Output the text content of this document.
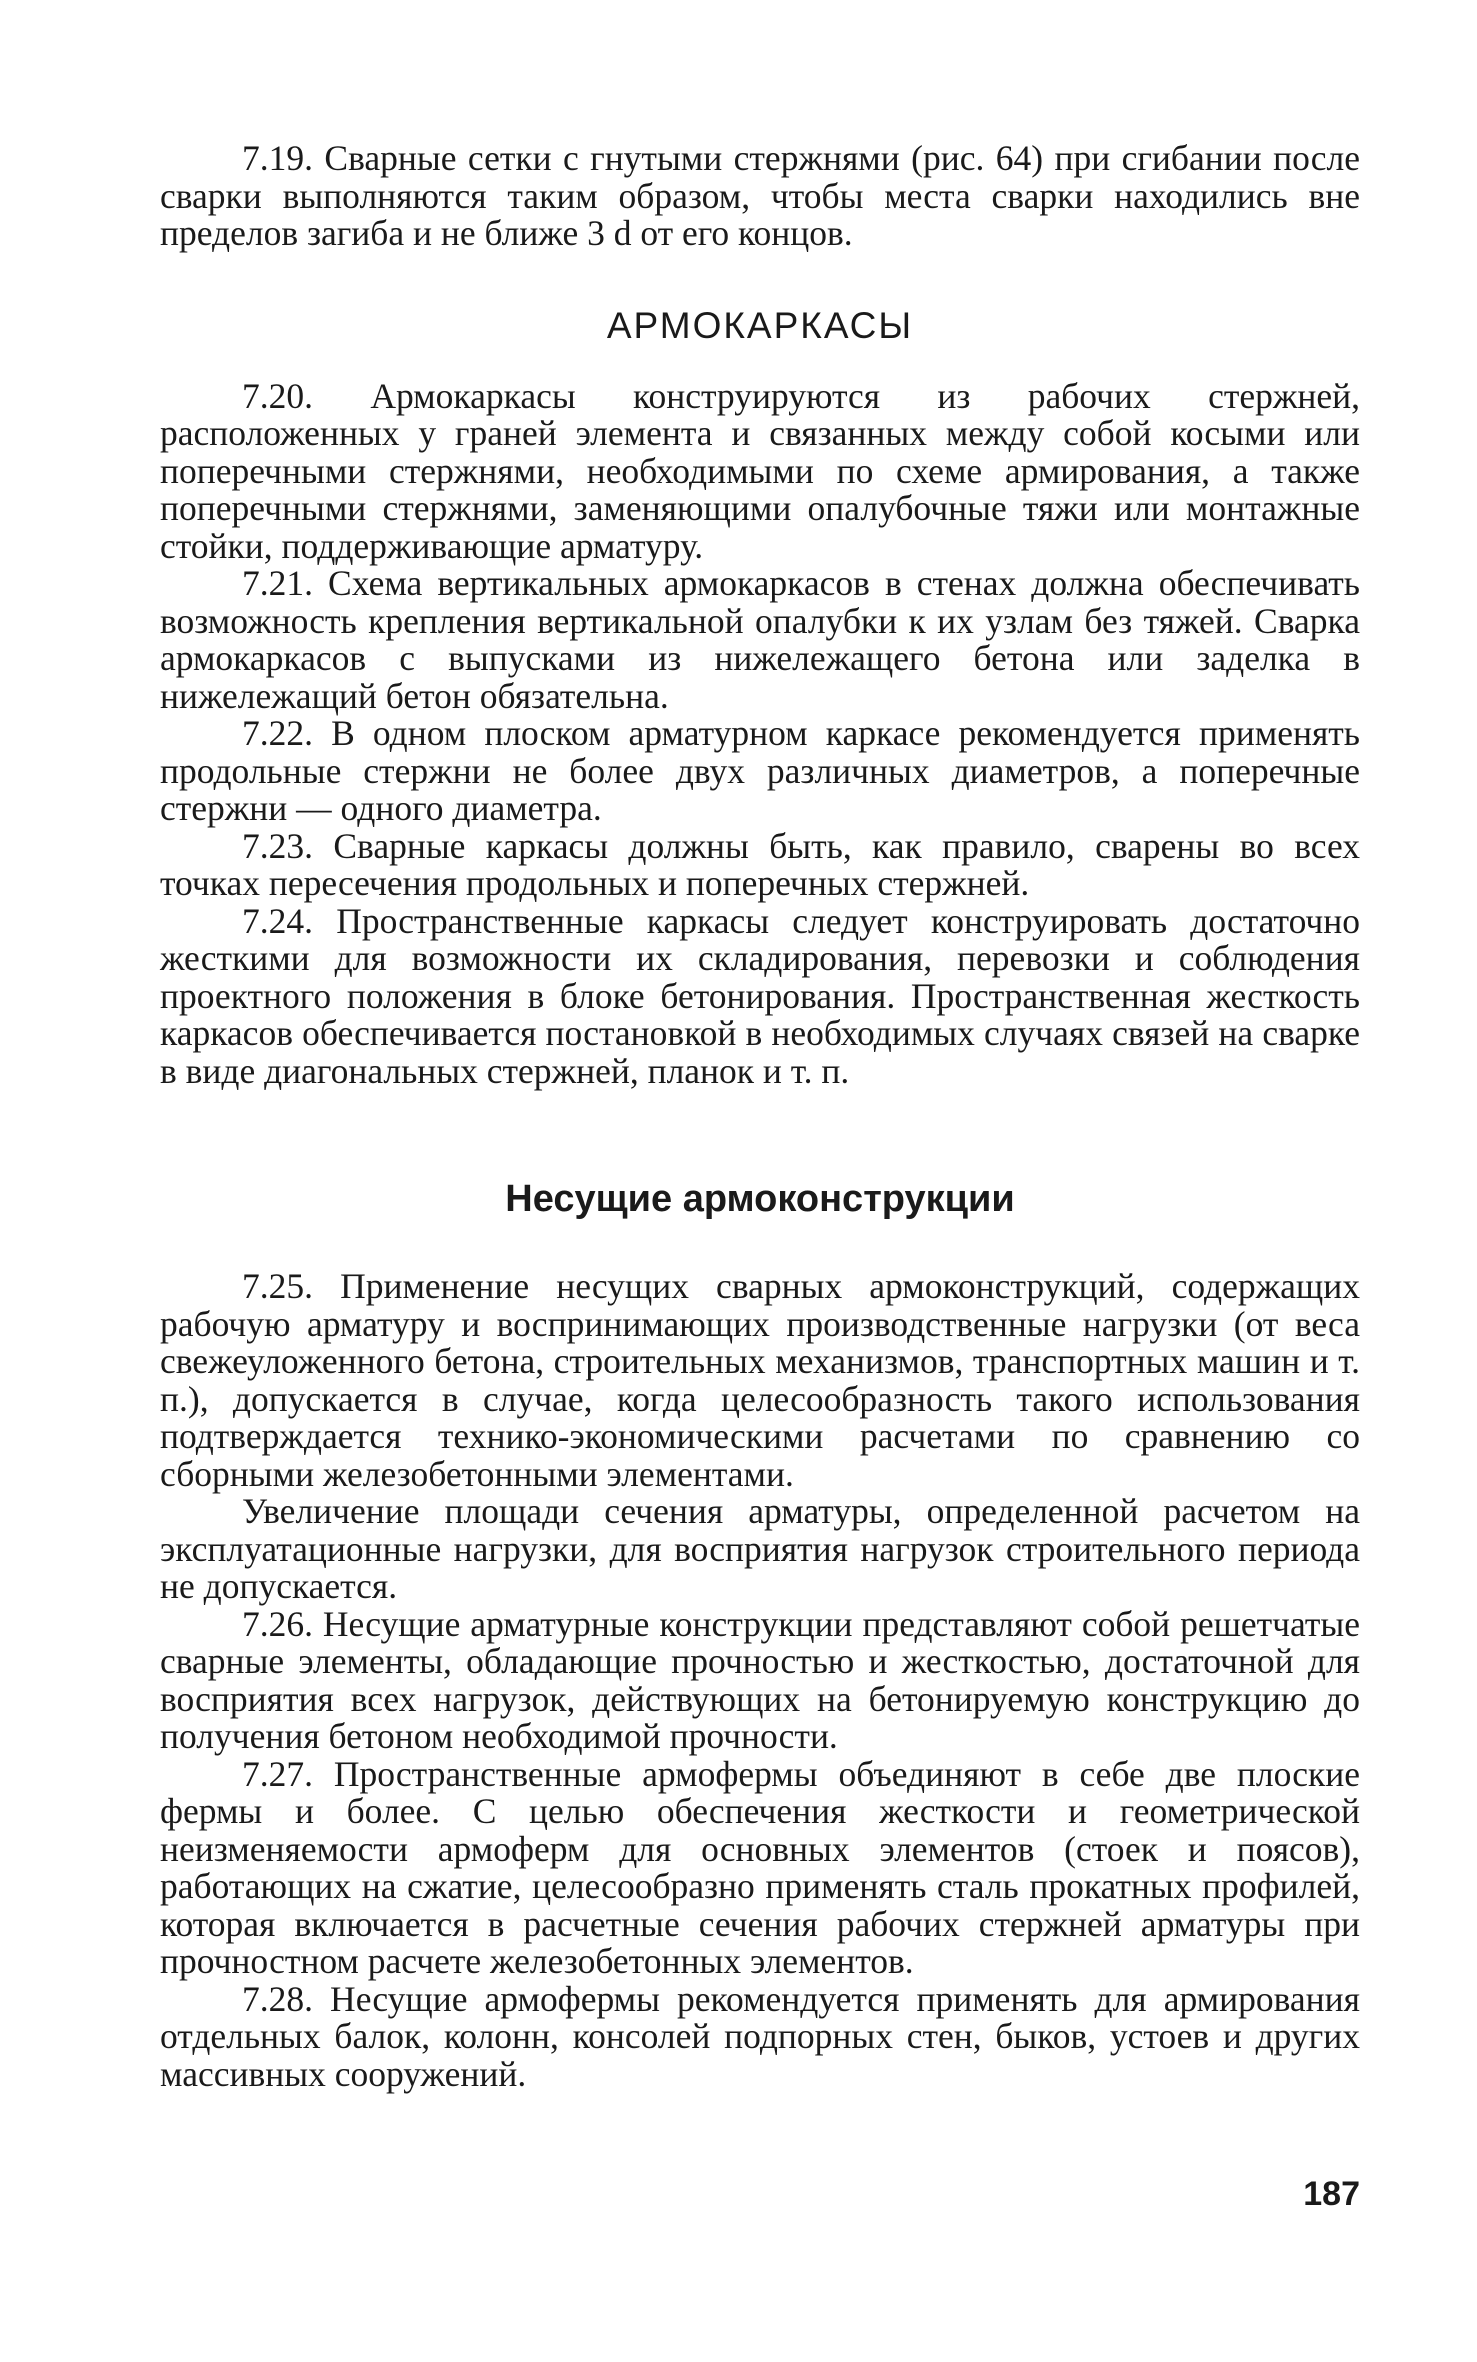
7.19. Сварные сетки с гнутыми стержнями (рис. 64) при сгибании после сварки выполняются таким образом, чтобы места сварки находились вне пределов загиба и не ближе 3 d от его концов.

АРМОКАРКАСЫ

7.20. Армокаркасы конструируются из рабочих стержней, расположенных у граней элемента и связанных между собой косыми или поперечными стержнями, необходимыми по схеме армирования, а также поперечными стержнями, заменяющими опалубочные тяжи или монтажные стойки, поддерживающие арматуру.

7.21. Схема вертикальных армокаркасов в стенах должна обеспечивать возможность крепления вертикальной опалубки к их узлам без тяжей. Сварка армокаркасов с выпусками из нижележащего бетона или заделка в нижележащий бетон обязательна.

7.22. В одном плоском арматурном каркасе рекомендуется применять продольные стержни не более двух различных диаметров, а поперечные стержни — одного диаметра.

7.23. Сварные каркасы должны быть, как правило, сварены во всех точках пересечения продольных и поперечных стержней.

7.24. Пространственные каркасы следует конструировать достаточно жесткими для возможности их складирования, перевозки и соблюдения проектного положения в блоке бетонирования. Пространственная жесткость каркасов обеспечивается постановкой в необходимых случаях связей на сварке в виде диагональных стержней, планок и т. п.

Несущие армоконструкции

7.25. Применение несущих сварных армоконструкций, содержащих рабочую арматуру и воспринимающих производственные нагрузки (от веса свежеуложенного бетона, строительных механизмов, транспортных машин и т. п.), допускается в случае, когда целесообразность такого использования подтверждается технико-экономическими расчетами по сравнению со сборными железобетонными элементами.

Увеличение площади сечения арматуры, определенной расчетом на эксплуатационные нагрузки, для восприятия нагрузок строительного периода не допускается.

7.26. Несущие арматурные конструкции представляют собой решетчатые сварные элементы, обладающие прочностью и жесткостью, достаточной для восприятия всех нагрузок, действующих на бетонируемую конструкцию до получения бетоном необходимой прочности.

7.27. Пространственные армофермы объединяют в себе две плоские фермы и более. С целью обеспечения жесткости и геометрической неизменяемости армоферм для основных элементов (стоек и поясов), работающих на сжатие, целесообразно применять сталь прокатных профилей, которая включается в расчетные сечения рабочих стержней арматуры при прочностном расчете железобетонных элементов.

7.28. Несущие армофермы рекомендуется применять для армирования отдельных балок, колонн, консолей подпорных стен, быков, устоев и других массивных сооружений.

187
